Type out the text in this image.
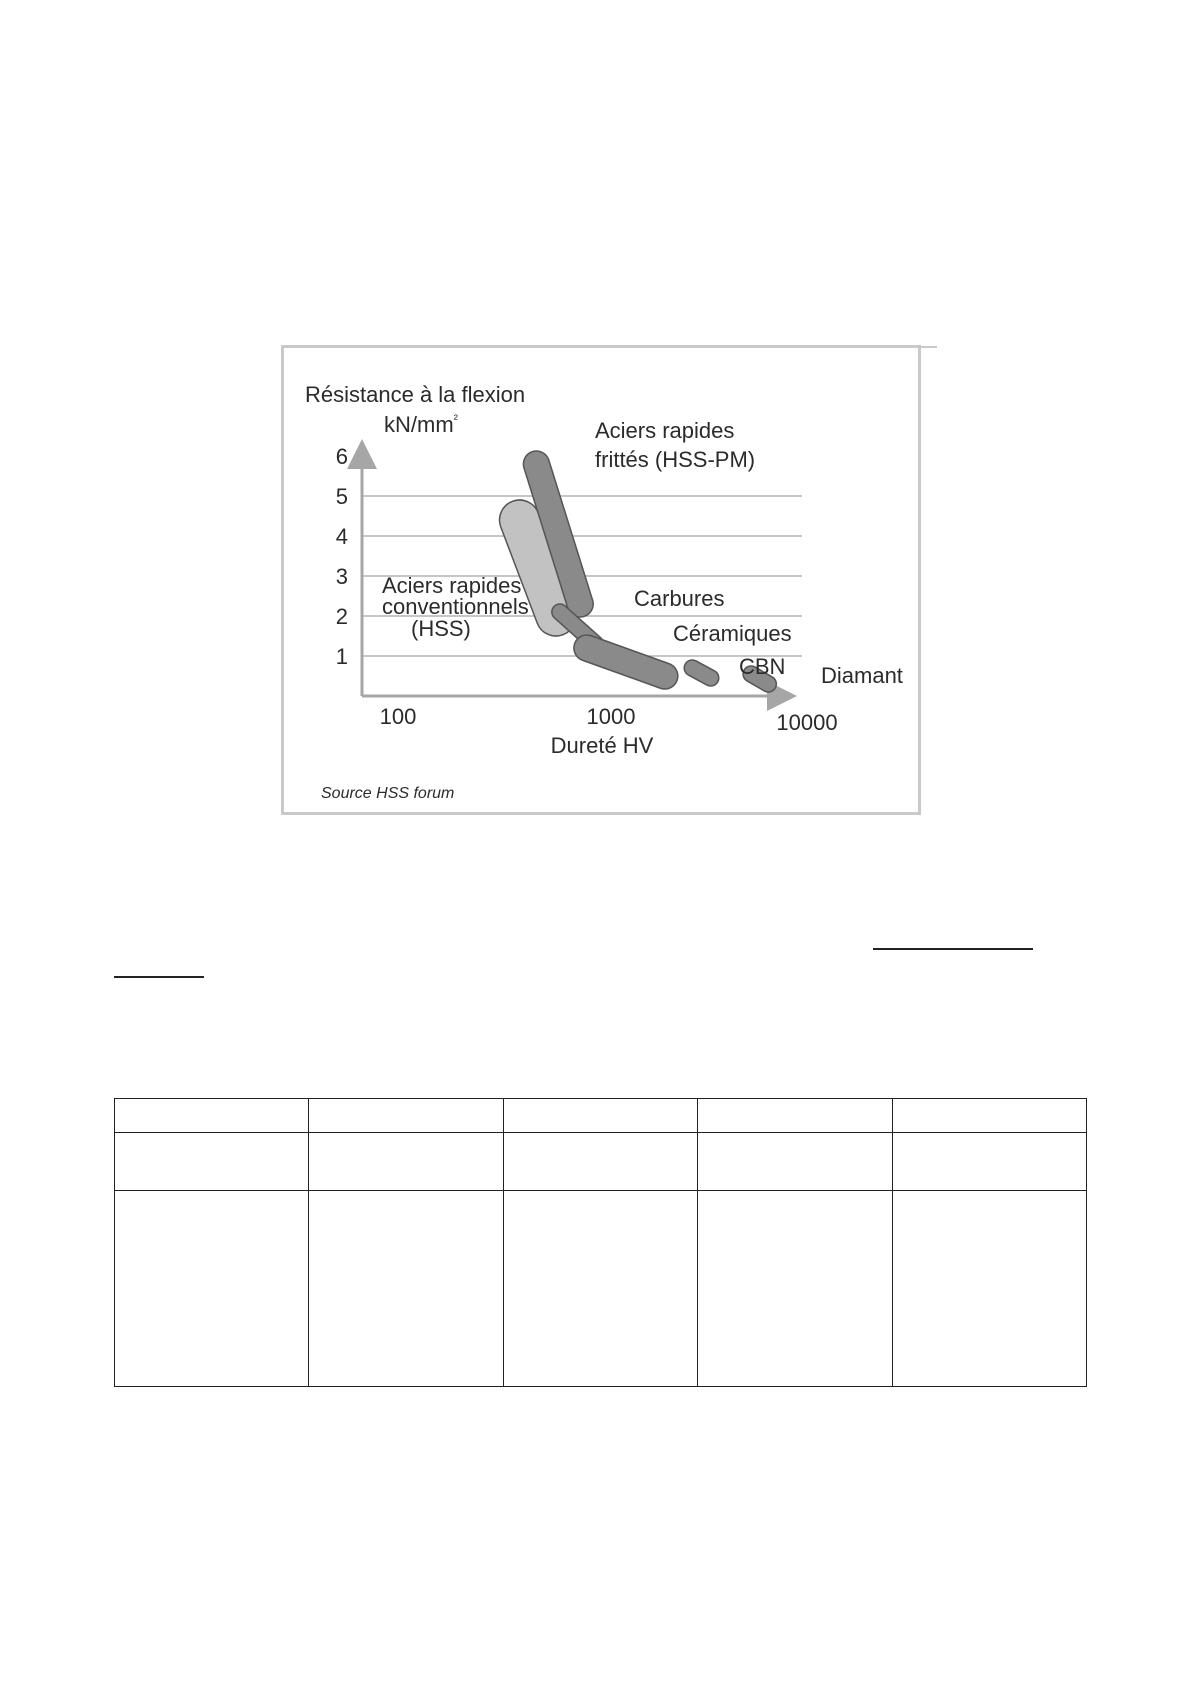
1
2
3
4
5
6
100	1000	10000
Résistance à la flexion
$kN/mm^{^2}$
Dureté HV
Aciers rapides
conventionnels
(HSS)
Aciers rapides
frittés (HSS-PM)
Carbures
Céramiques
CBN Diamant
Source HSS forum
